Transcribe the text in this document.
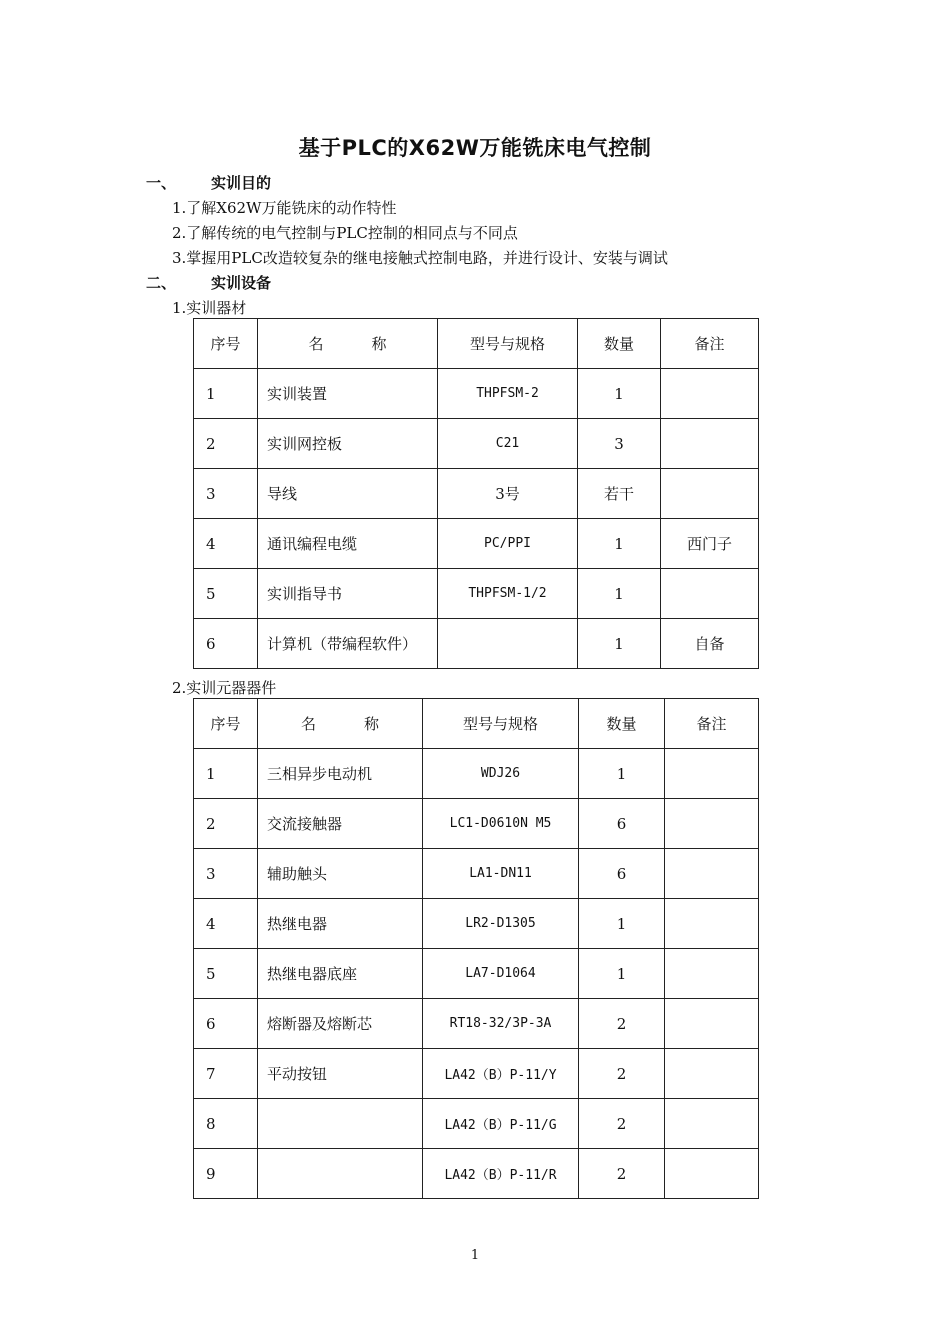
基于PLC的X62W万能铣床电气控制
一、 实训目的
1.了解X62W万能铣床的动作特性
2.了解传统的电气控制与PLC控制的相同点与不同点
3.掌握用PLC改造较复杂的继电接触式控制电路，并进行设计、安装与调试
二、 实训设备
1.实训器材
序号	名 称	型号与规格	数量	备注
1	实训装置	THPFSM-2	1	
2	实训网控板	C21	3	
3	导线	3号	若干	
4	通讯编程电缆	PC/PPI	1	西门子
5	实训指导书	THPFSM-1/2	1	
6	计算机（带编程软件）		1	自备
2.实训元器器件
序号	名 称	型号与规格	数量	备注
1	三相异步电动机	WDJ26	1	
2	交流接触器	LC1-D0610N M5	6	
3	辅助触头	LA1-DN11	6	
4	热继电器	LR2-D1305	1	
5	热继电器底座	LA7-D1064	1	
6	熔断器及熔断芯	RT18-32/3P-3A	2	
7	平动按钮	LA42（B）P-11/Y	2	
8		LA42（B）P-11/G	2	
9		LA42（B）P-11/R	2	
1
